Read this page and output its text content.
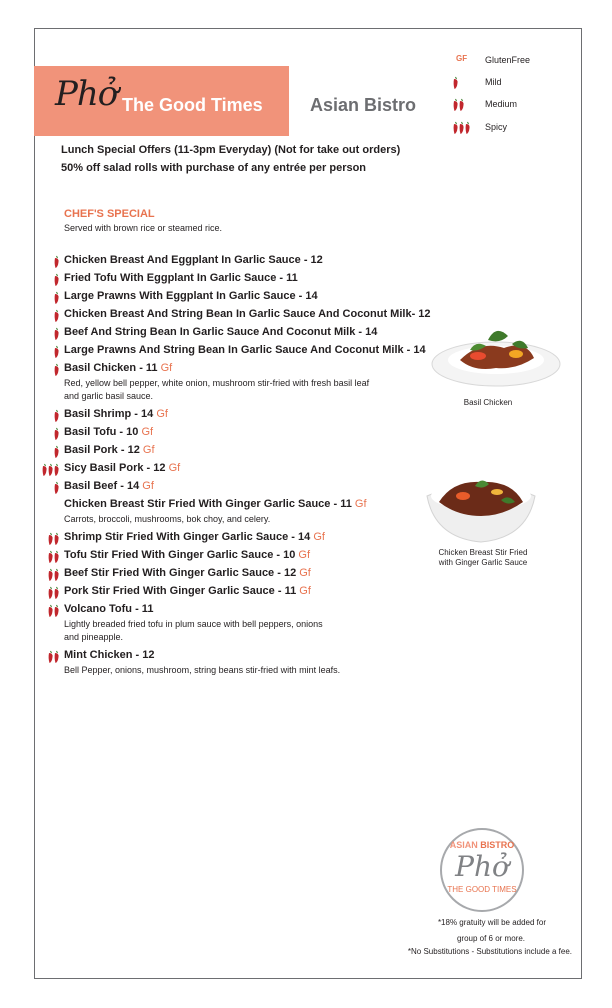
Phở The Good Times	Asian Bistro
GF	GlutenFree
Mild
Medium
Spicy
Lunch Special Offers (11-3pm Everyday) (Not for take out orders)
50% off salad rolls with purchase of any entrée per person
CHEF'S SPECIAL
Served with brown rice or steamed rice.
Chicken Breast And Eggplant In Garlic Sauce - 12
Fried Tofu With Eggplant In Garlic Sauce - 11
Large Prawns With Eggplant In Garlic Sauce - 14
Chicken Breast And String Bean In Garlic Sauce And Coconut Milk- 12
Beef And String Bean In Garlic Sauce And Coconut Milk - 14
Large Prawns And String Bean In Garlic Sauce And Coconut Milk - 14
Basil Chicken - 11 Gf
Red, yellow bell pepper, white onion, mushroom stir-fried with fresh basil leaf
and garlic basil sauce.
Basil Shrimp - 14 Gf
Basil Tofu - 10 Gf
Basil Pork - 12 Gf
Sicy Basil Pork - 12 Gf
Basil Beef - 14 Gf
Chicken Breast Stir Fried With Ginger Garlic Sauce - 11 Gf
Carrots, broccoli, mushrooms, bok choy, and celery.
Shrimp Stir Fried With Ginger Garlic Sauce - 14 Gf
Tofu Stir Fried With Ginger Garlic Sauce - 10 Gf
Beef Stir Fried With Ginger Garlic Sauce - 12 Gf
Pork Stir Fried With Ginger Garlic Sauce - 11 Gf
Volcano Tofu - 11
Lightly breaded fried tofu in plum sauce with bell peppers, onions
and pineapple.
Mint Chicken - 12
Bell Pepper, onions, mushroom, string beans stir-fried with mint leafs.
Basil Chicken
Chicken Breast Stir Fried
with Ginger Garlic Sauce
ASIAN BISTRO
Phở
THE GOOD TIMES
*18% gratuity will be added for
group of 6 or more.
*No Substitutions - Substitutions include a fee.
